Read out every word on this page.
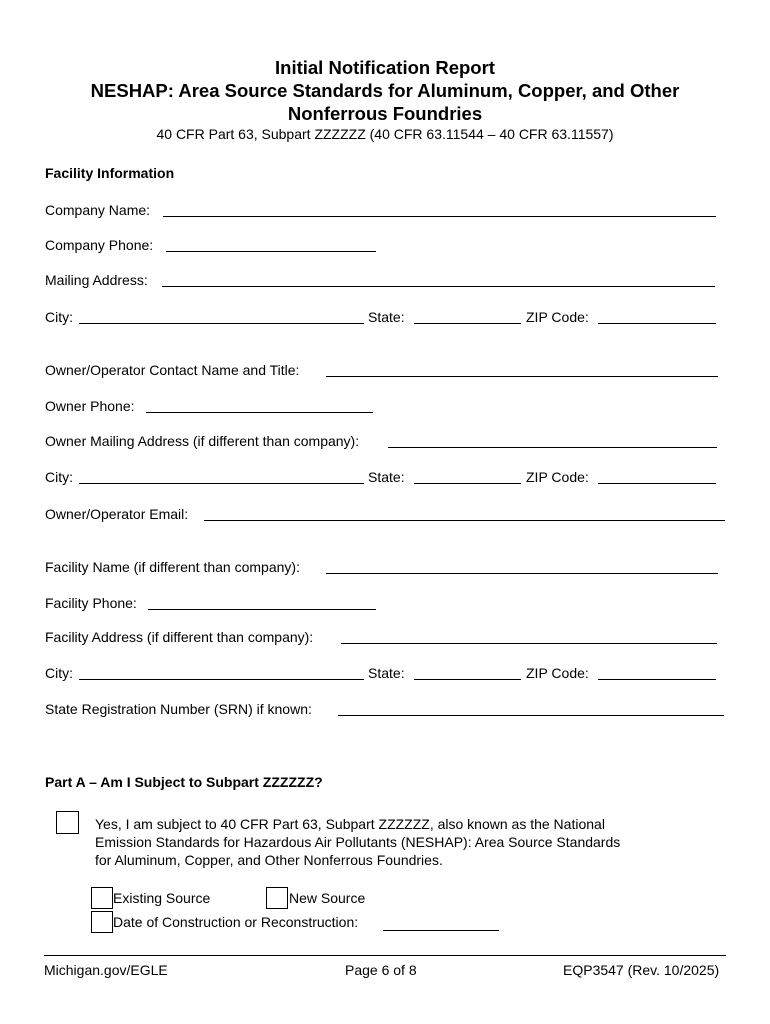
Initial Notification Report
NESHAP: Area Source Standards for Aluminum, Copper, and Other
Nonferrous Foundries
40 CFR Part 63, Subpart ZZZZZZ (40 CFR 63.11544 – 40 CFR 63.11557)
Facility Information
Company Name:
Company Phone:
Mailing Address:
City:	State:	ZIP Code:
Owner/Operator Contact Name and Title:
Owner Phone:
Owner Mailing Address (if different than company):
City:	State:	ZIP Code:
Owner/Operator Email:
Facility Name (if different than company):
Facility Phone:
Facility Address (if different than company):
City:	State:	ZIP Code:
State Registration Number (SRN) if known:
Part A – Am I Subject to Subpart ZZZZZZ?
Yes, I am subject to 40 CFR Part 63, Subpart ZZZZZZ, also known as the National
Emission Standards for Hazardous Air Pollutants (NESHAP): Area Source Standards
for Aluminum, Copper, and Other Nonferrous Foundries.
Existing Source	New Source
Date of Construction or Reconstruction:
Michigan.gov/EGLE	Page 6 of 8	EQP3547 (Rev. 10/2025)
